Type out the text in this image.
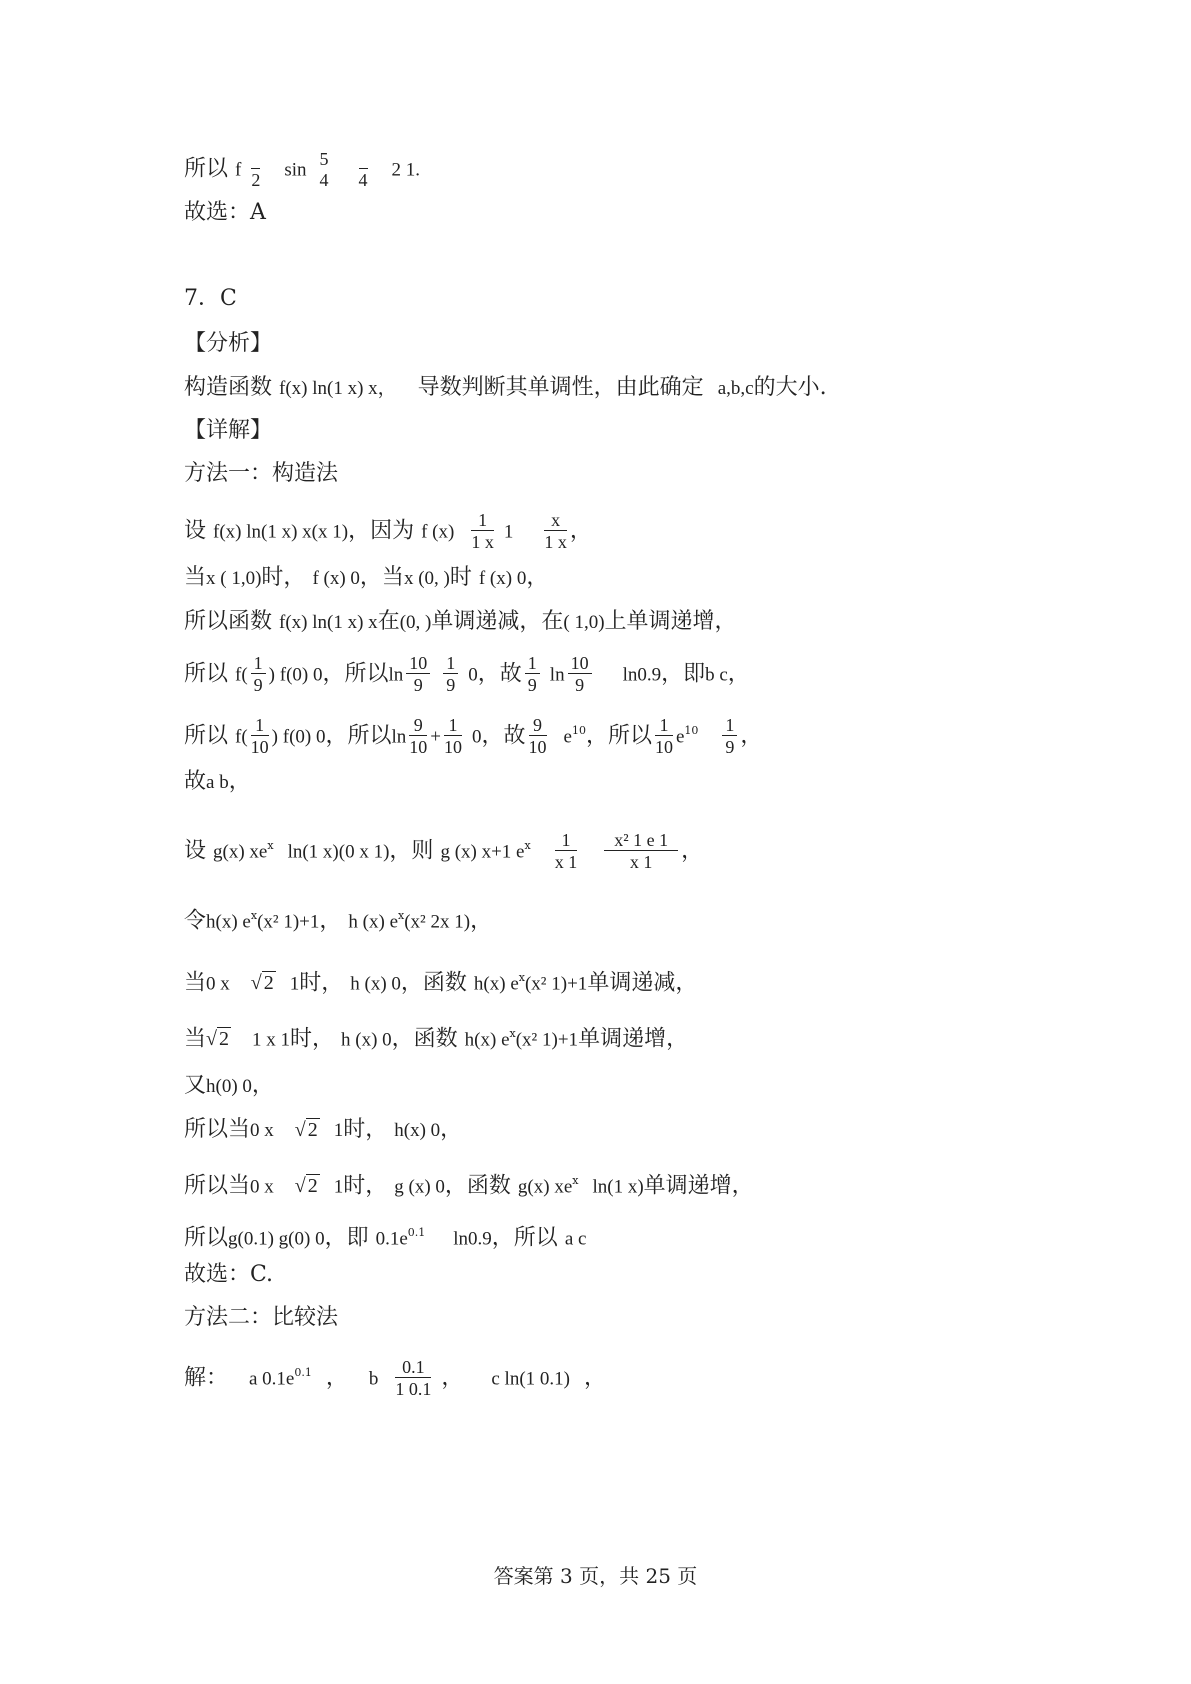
所以 f 2 sin
5
4
4 2 1.
故选：A
7．C
【分析】
构造函数 f(x) ln(1 x) x， 导数判断其单调性，由此确定 a,b,c的大小.
【详解】
方法一：构造法
设 f(x) ln(1 x) x(x 1)，因为 f $(x) \frac{1}{1 x} 1 \frac{x}{1 x}$ ，
当x ( 1,0)时， f (x) 0，当x (0, )时 f (x) 0，
所以函数 f(x) ln(1 x) x在(0, )单调递减，在( 1,0)上单调递增，
所以 $f( \frac{1}{9}$ ) f(0) 0，所以$\ln \frac{10}{9}$
$\frac{1}{9} 0$，故 $\frac{1}{9}$ $\ln \frac{10}{9} \ln 0.9$，即b c，
所以 $f( \frac{1}{10}$ ) f(0) 0，所以$\ln \frac{9}{10} + \frac{1}{10} 0$，故 $\frac{9}{10} e^{10}$，所以 $\frac{1}{10} e^{10} \frac{1}{9}$ ，
故a b，
设 g(x) $xe^x$ ln(1 x)(0 x 1)，则 g (x) x+1 $e^x \frac{1}{x 1}$
$\frac{\text{x² 1 e 1}}{x 1}$ ，
令h(x) $e^x(x^2$ 1)+1， h (x) $e^x(x^2$ 2x 1)，
当0 x √ 2 1时， h (x) 0，函数 h(x) $e^x(x^2$ 1)+1单调递减，
当√ 2 1 x 1时， h (x) 0，函数 h(x) $e^x(x^2$ 1)+1单调递增，
又h(0) 0，
所以当0 x √ 2 1时， h(x) 0，
所以当0 x √ 2 1时， g (x) 0，函数 g(x) $xe^x$ ln(1 x)单调递增，
所以g(0.1) g(0) 0，即 $0.1e^{0.1}$ ln0.9，所以 a c
故选：C.
方法二：比较法
解： a $0.1e^{0.1}$ ， b $\frac{0.1}{1 0.1}$ ， c ln(1 0.1) ，
答案第 3 页，共 25 页
